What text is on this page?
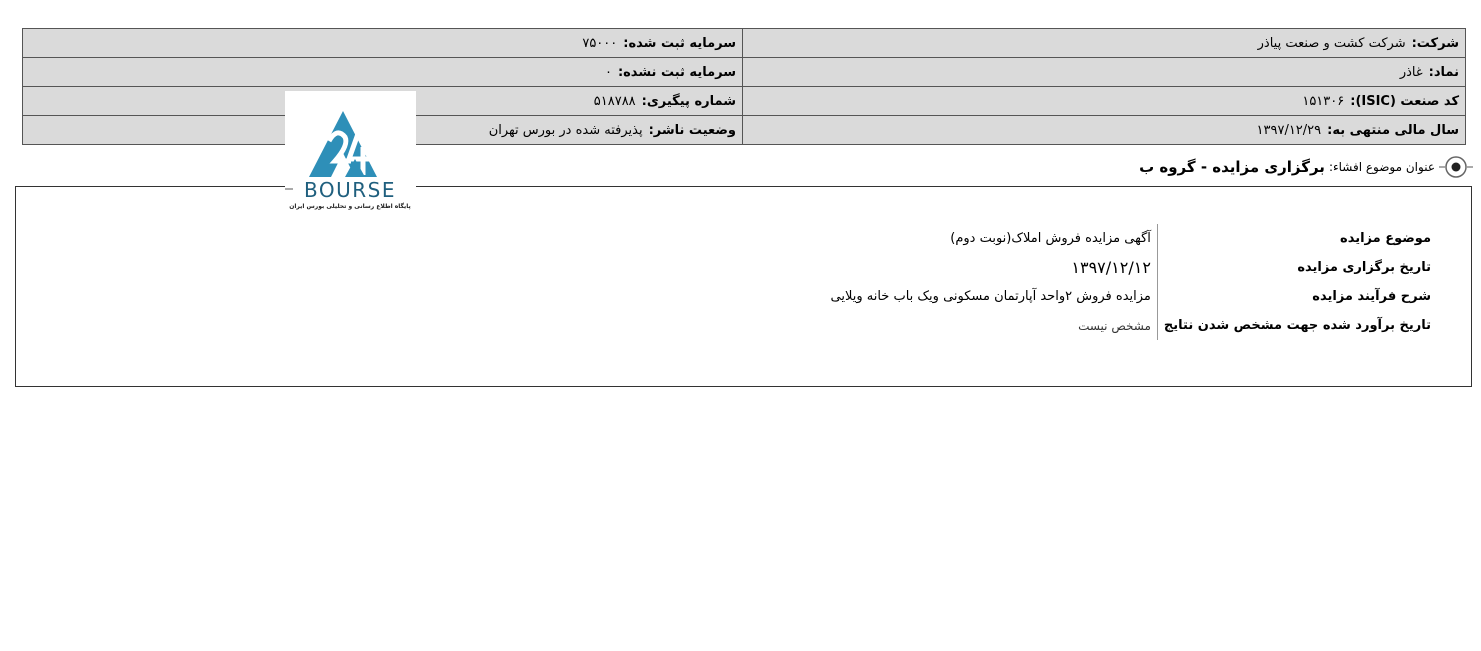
شرکت:شرکت کشت و صنعت پیاذر	سرمایه ثبت شده:۷۵۰۰۰
نماد:غاذر	سرمایه ثبت نشده:۰
کد صنعت (ISIC):۱۵۱۳۰۶	شماره پیگیری:۵۱۸۷۸۸
سال مالی منتهی به:۱۳۹۷/۱۲/۲۹	وضعیت ناشر:پذیرفته شده در بورس تهران
عنوان موضوع افشاء:
برگزاری مزایده - گروه ب
BOURSE
پایگاه اطلاع رسانی و تحلیلی بورس ایران
موضوع مزایده	آگهی مزایده فروش املاک(نوبت دوم)
تاریخ برگزاری مزایده	۱۳۹۷/۱۲/۱۲
شرح فرآیند مزایده	مزایده فروش ۲واحد آپارتمان مسکونی ویک باب خانه ویلایی
تاریخ برآورد شده جهت مشخص شدن نتایج	مشخص نیست
